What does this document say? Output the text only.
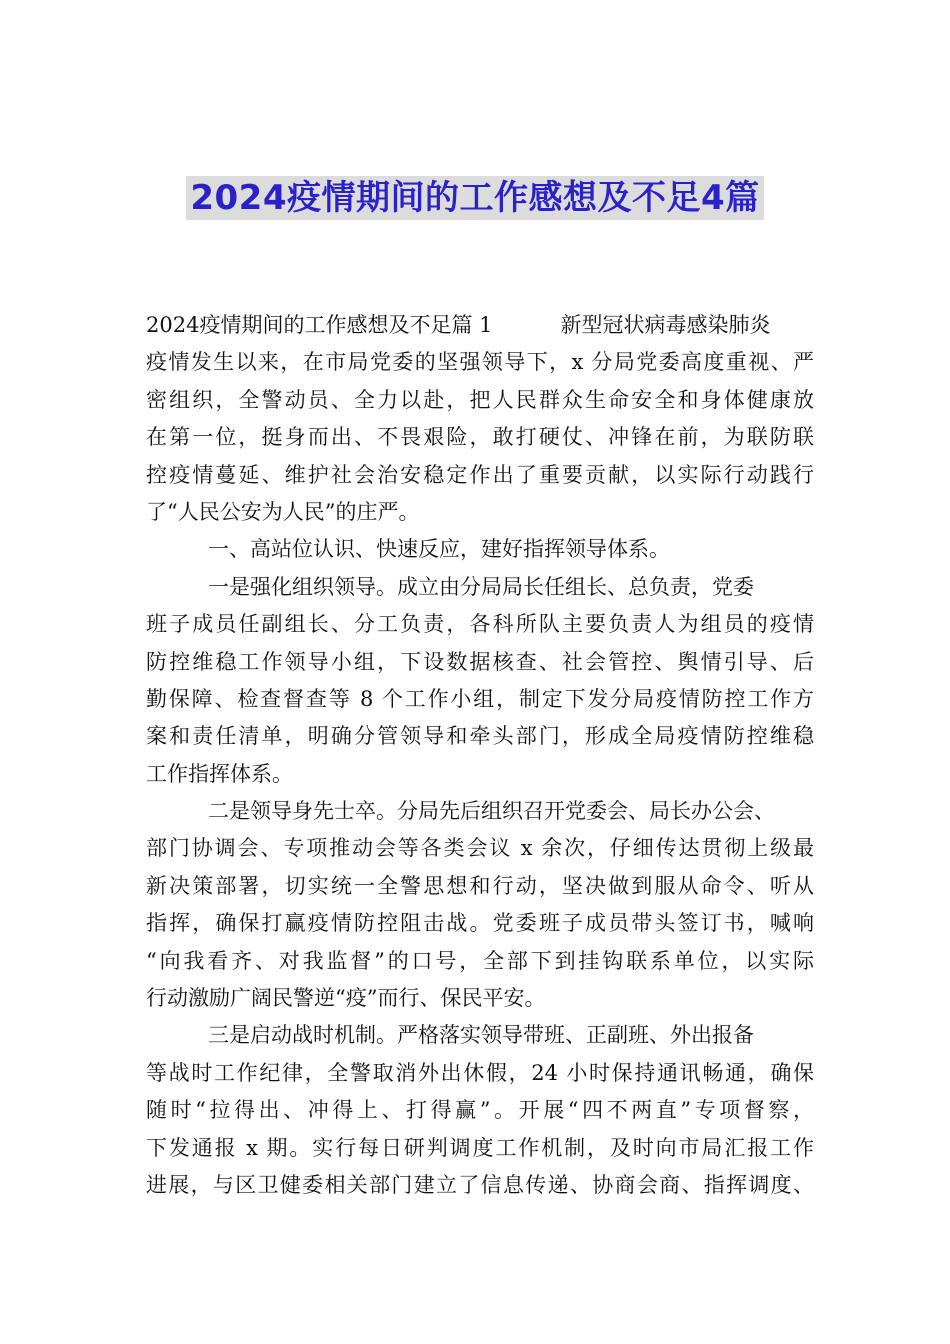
2024疫情期间的工作感想及不足4篇
2024疫情期间的工作感想及不足篇 1	新型冠状病毒感染肺炎
疫情发生以来，在市局党委的坚强领导下，x 分局党委高度重视、严
密组织，全警动员、全力以赴，把人民群众生命安全和身体健康放
在第一位，挺身而出、不畏艰险，敢打硬仗、冲锋在前，为联防联
控疫情蔓延、维护社会治安稳定作出了重要贡献，以实际行动践行
了“人民公安为人民”的庄严。
一、高站位认识、快速反应，建好指挥领导体系。
一是强化组织领导。成立由分局局长任组长、总负责，党委
班子成员任副组长、分工负责，各科所队主要负责人为组员的疫情
防控维稳工作领导小组，下设数据核查、社会管控、舆情引导、后
勤保障、检查督查等 8 个工作小组，制定下发分局疫情防控工作方
案和责任清单，明确分管领导和牵头部门，形成全局疫情防控维稳
工作指挥体系。
二是领导身先士卒。分局先后组织召开党委会、局长办公会、
部门协调会、专项推动会等各类会议 x 余次，仔细传达贯彻上级最
新决策部署，切实统一全警思想和行动，坚决做到服从命令、听从
指挥，确保打赢疫情防控阻击战。党委班子成员带头签订书，喊响
“向我看齐、对我监督”的口号，全部下到挂钩联系单位，以实际
行动激励广阔民警逆“疫”而行、保民平安。
三是启动战时机制。严格落实领导带班、正副班、外出报备
等战时工作纪律，全警取消外出休假，24 小时保持通讯畅通，确保
随时“拉得出、冲得上、打得赢”。开展“四不两直”专项督察，
下发通报 x 期。实行每日研判调度工作机制，及时向市局汇报工作
进展，与区卫健委相关部门建立了信息传递、协商会商、指挥调度、
